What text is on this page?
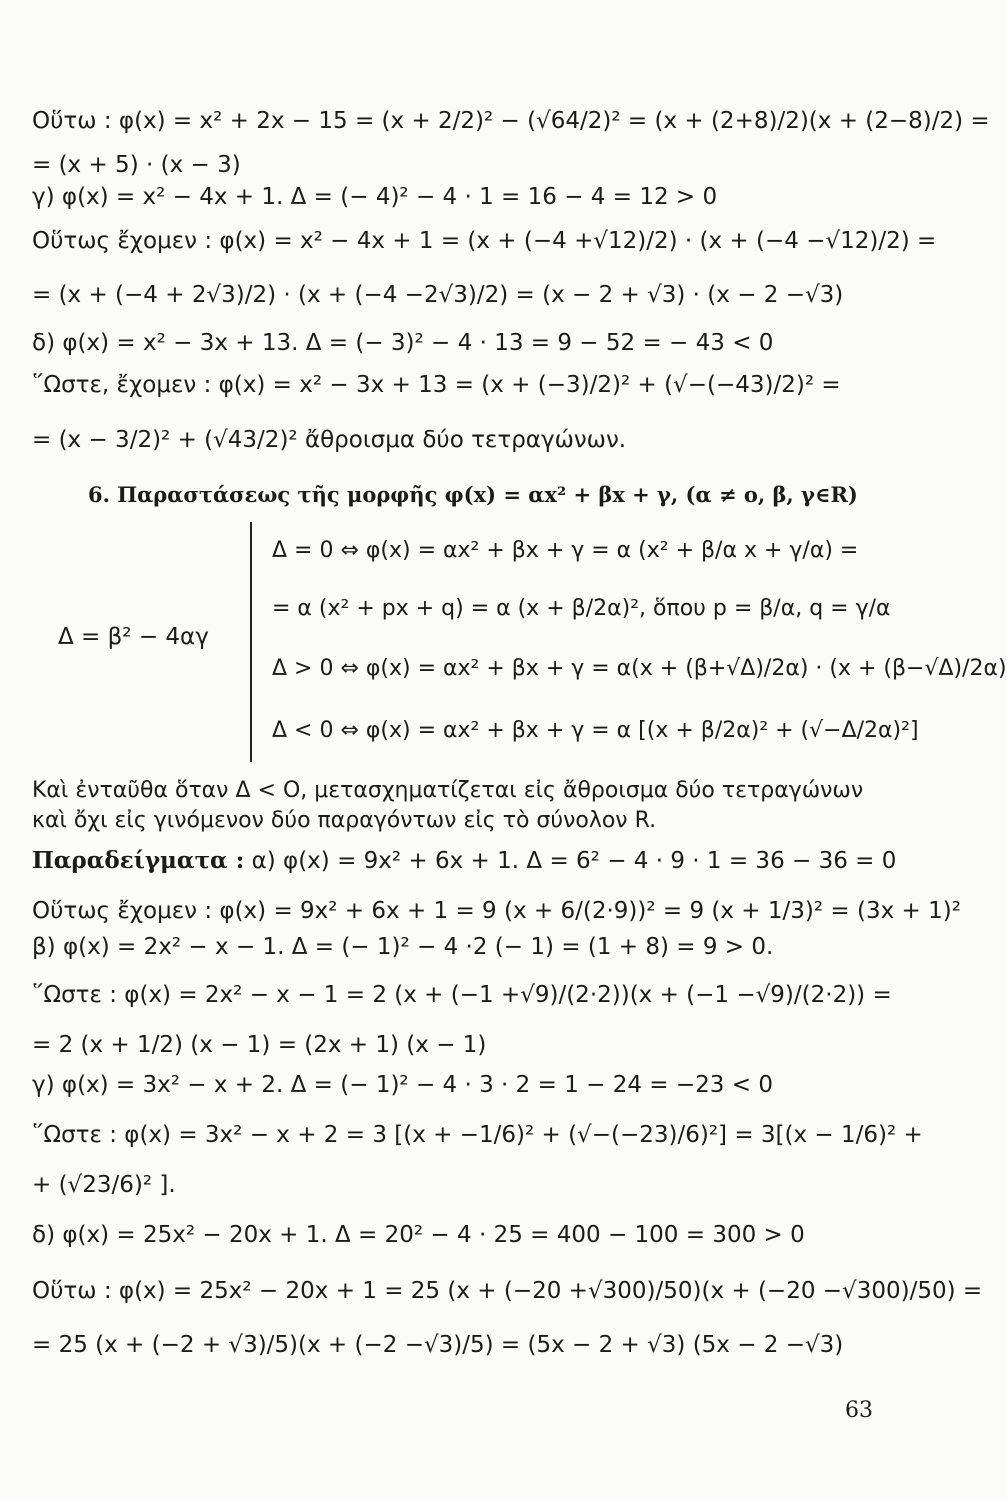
Οὕτω : φ(x) = x² + 2x − 15 = (x + 2/2)² − (√64/2)² = (x + (2+8)/2)(x + (2−8)/2) =
= (x + 5) · (x − 3)
γ) φ(x) = x² − 4x + 1. Δ = (− 4)² − 4 · 1 = 16 − 4 = 12 > 0
Οὕτως ἔχομεν : φ(x) = x² − 4x + 1 = (x + (−4 +√12)/2) · (x + (−4 −√12)/2) =
= (x + (−4 + 2√3)/2) · (x + (−4 −2√3)/2) = (x − 2 + √3) · (x − 2 −√3)
δ) φ(x) = x² − 3x + 13. Δ = (− 3)² − 4 · 13 = 9 − 52 = − 43 < 0
῞Ωστε, ἔχομεν : φ(x) = x² − 3x + 13 = (x + (−3)/2)² + (√−(−43)/2)² =
= (x − 3/2)² + (√43/2)² ἄθροισμα δύο τετραγώνων.
6. Παραστάσεως τῆς μορφῆς φ(x) = αx² + βx + γ, (α ≠ ο, β, γ∈R)
Δ = β² − 4αγ
Δ = 0 ⇔ φ(x) = αx² + βx + γ = α (x² + β/α x + γ/α) =
= α (x² + px + q) = α (x + β/2α)², ὅπου p = β/α, q = γ/α
Δ > 0 ⇔ φ(x) = αx² + βx + γ = α(x + (β+√Δ)/2α) · (x + (β−√Δ)/2α)
Δ < 0 ⇔ φ(x) = αx² + βx + γ = α [(x + β/2α)² + (√−Δ/2α)²]
Καὶ ἐνταῦθα ὅταν Δ < O, μετασχηματίζεται εἰς ἄθροισμα δύο τετραγώνων καὶ ὄχι εἰς γινόμενον δύο παραγόντων εἰς τὸ σύνολον R.
Παραδείγματα : α) φ(x) = 9x² + 6x + 1. Δ = 6² − 4 · 9 · 1 = 36 − 36 = 0
Οὕτως ἔχομεν : φ(x) = 9x² + 6x + 1 = 9 (x + 6/(2·9))² = 9 (x + 1/3)² = (3x + 1)²
β) φ(x) = 2x² − x − 1. Δ = (− 1)² − 4 ·2 (− 1) = (1 + 8) = 9 > 0.
῞Ωστε : φ(x) = 2x² − x − 1 = 2 (x + (−1 +√9)/(2·2))(x + (−1 −√9)/(2·2)) =
= 2 (x + 1/2) (x − 1) = (2x + 1) (x − 1)
γ) φ(x) = 3x² − x + 2. Δ = (− 1)² − 4 · 3 · 2 = 1 − 24 = −23 < 0
῞Ωστε : φ(x) = 3x² − x + 2 = 3 [(x + −1/6)² + (√−(−23)/6)²] = 3[(x − 1/6)² +
+ (√23/6)² ].
δ) φ(x) = 25x² − 20x + 1. Δ = 20² − 4 · 25 = 400 − 100 = 300 > 0
Οὕτω : φ(x) = 25x² − 20x + 1 = 25 (x + (−20 +√300)/50)(x + (−20 −√300)/50) =
= 25 (x + (−2 + √3)/5)(x + (−2 −√3)/5) = (5x − 2 + √3) (5x − 2 −√3)
63
